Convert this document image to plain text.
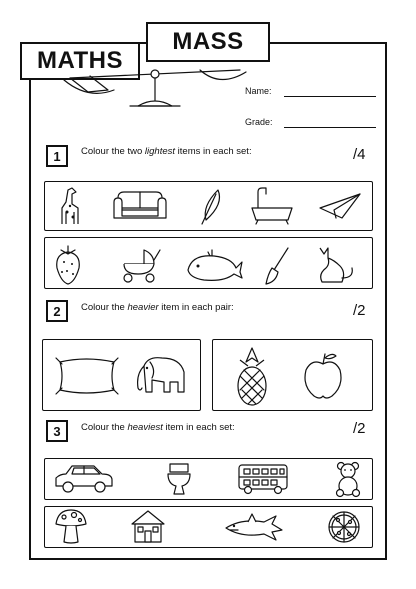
MASS
MATHS
Name:
Grade:
1 Colour the two lightest items in each set:	/4
2 Colour the heavier item in each pair:	/2
3 Colour the heaviest item in each set:	/2
